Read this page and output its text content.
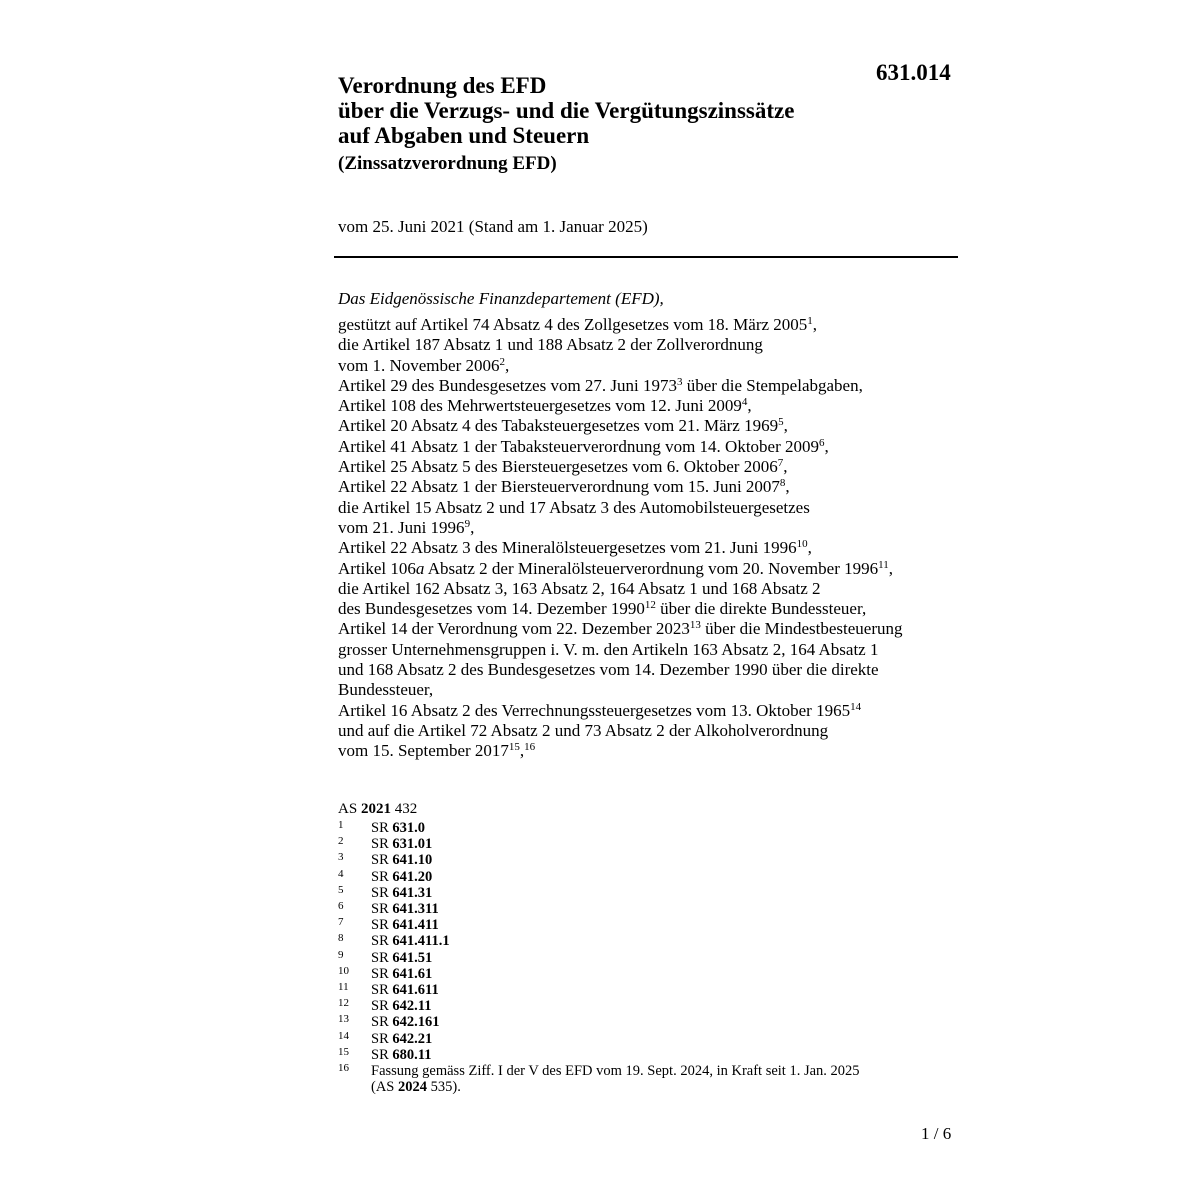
631.014
Verordnung des EFD
über die Verzugs- und die Vergütungszinssätze
auf Abgaben und Steuern
(Zinssatzverordnung EFD)
vom 25. Juni 2021 (Stand am 1. Januar 2025)
Das Eidgenössische Finanzdepartement (EFD),
gestützt auf Artikel 74 Absatz 4 des Zollgesetzes vom 18. März 2005$^1$,
die Artikel 187 Absatz 1 und 188 Absatz 2 der Zollverordnung
vom 1. November 2006$^2$,
Artikel 29 des Bundesgesetzes vom 27. Juni 1973$^3$ über die Stempelabgaben,
Artikel 108 des Mehrwertsteuergesetzes vom 12. Juni 2009$^4$,
Artikel 20 Absatz 4 des Tabaksteuergesetzes vom 21. März 1969$^5$,
Artikel 41 Absatz 1 der Tabaksteuerverordnung vom 14. Oktober 2009$^6$,
Artikel 25 Absatz 5 des Biersteuergesetzes vom 6. Oktober 2006$^7$,
Artikel 22 Absatz 1 der Biersteuerverordnung vom 15. Juni 2007$^8$,
die Artikel 15 Absatz 2 und 17 Absatz 3 des Automobilsteuergesetzes
vom 21. Juni 1996$^9$,
Artikel 22 Absatz 3 des Mineralölsteuergesetzes vom 21. Juni 1996$^{10}$,
Artikel 106a Absatz 2 der Mineralölsteuerverordnung vom 20. November 1996$^{11}$,
die Artikel 162 Absatz 3, 163 Absatz 2, 164 Absatz 1 und 168 Absatz 2
des Bundesgesetzes vom 14. Dezember 1990$^{12}$ über die direkte Bundessteuer,
Artikel 14 der Verordnung vom 22. Dezember 2023$^{13}$ über die Mindestbesteuerung
grosser Unternehmensgruppen i. V. m. den Artikeln 163 Absatz 2, 164 Absatz 1
und 168 Absatz 2 des Bundesgesetzes vom 14. Dezember 1990 über die direkte
Bundessteuer,
Artikel 16 Absatz 2 des Verrechnungssteuergesetzes vom 13. Oktober 1965$^{14}$
und auf die Artikel 72 Absatz 2 und 73 Absatz 2 der Alkoholverordnung
vom 15. September 2017$^{15}$,$^{16}$
AS 2021 432
1	SR 631.0
2	SR 631.01
3	SR 641.10
4	SR 641.20
5	SR 641.31
6	SR 641.311
7	SR 641.411
8	SR 641.411.1
9	SR 641.51
10	SR 641.61
11	SR 641.611
12	SR 642.11
13	SR 642.161
14	SR 642.21
15	SR 680.11
16	Fassung gemäss Ziff. I der V des EFD vom 19. Sept. 2024, in Kraft seit 1. Jan. 2025
(AS 2024 535).
1 / 6
